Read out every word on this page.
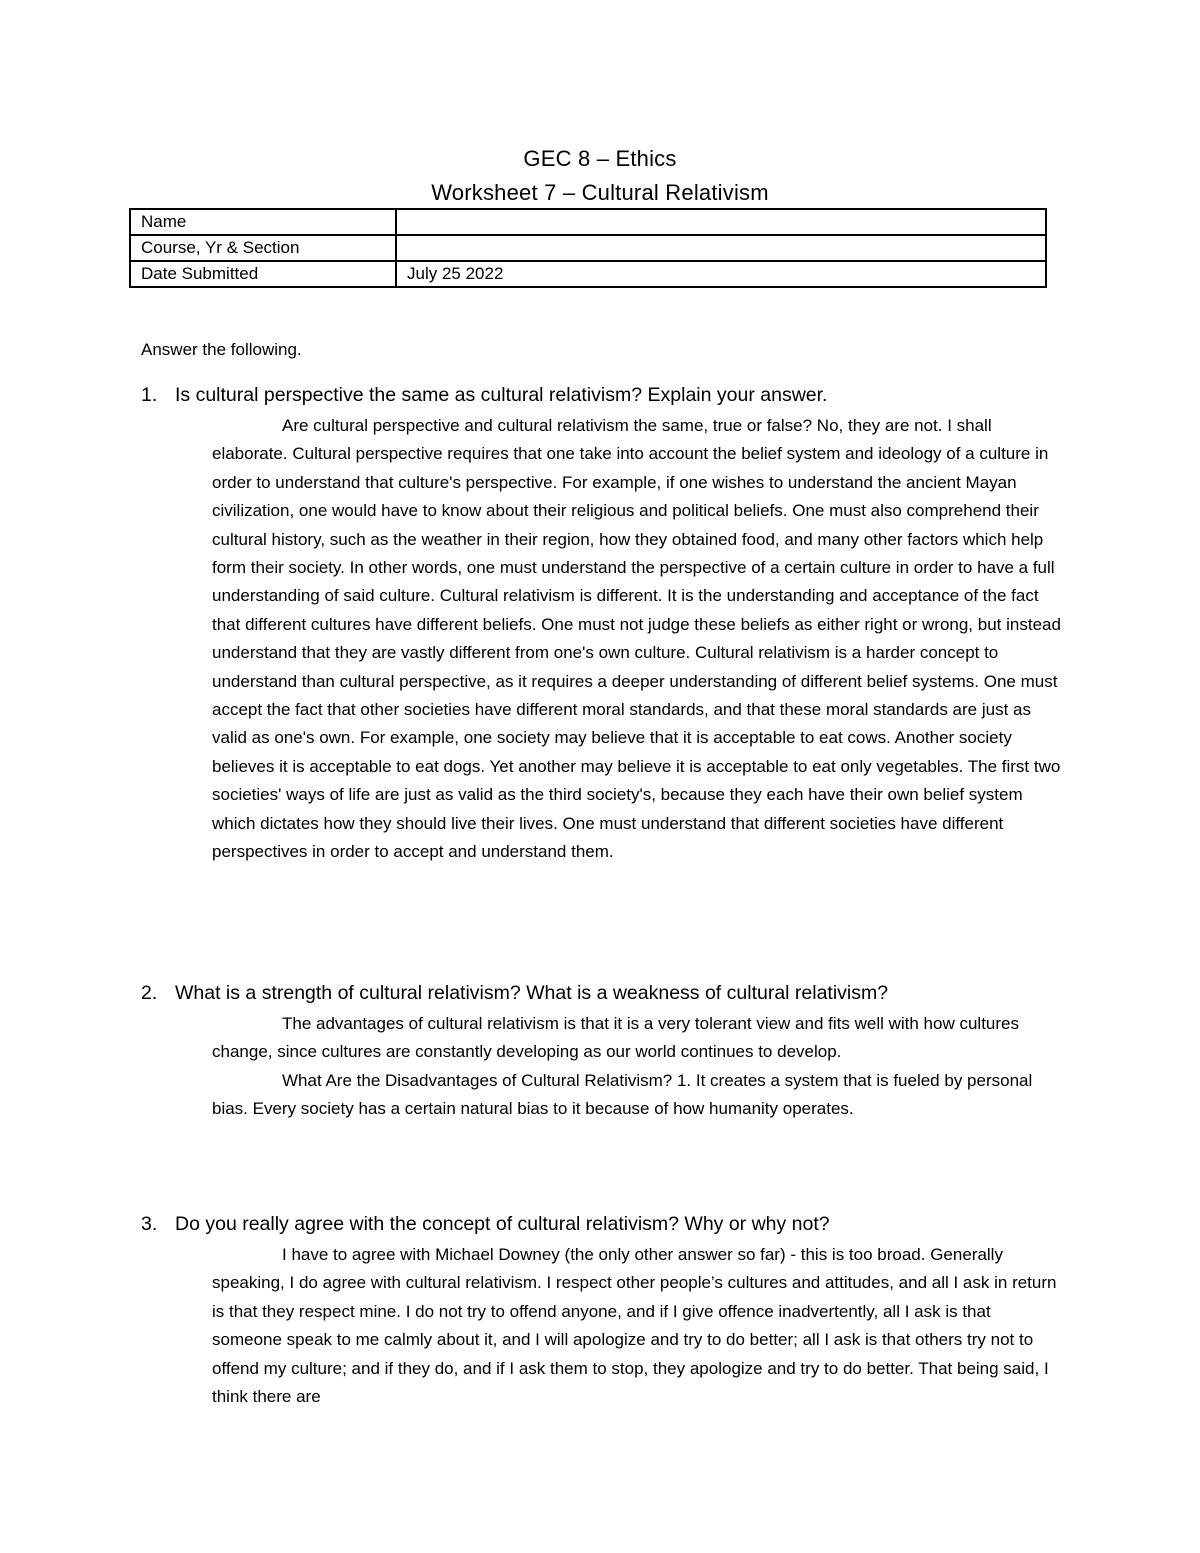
GEC 8 – Ethics
Worksheet 7 – Cultural Relativism
Name	
Course, Yr & Section	
Date Submitted	July 25 2022
Answer the following.
1. Is cultural perspective the same as cultural relativism? Explain your answer.

Are cultural perspective and cultural relativism the same, true or false? No, they are not. I shall elaborate. Cultural perspective requires that one take into account the belief system and ideology of a culture in order to understand that culture's perspective. For example, if one wishes to understand the ancient Mayan civilization, one would have to know about their religious and political beliefs. One must also comprehend their cultural history, such as the weather in their region, how they obtained food, and many other factors which help form their society. In other words, one must understand the perspective of a certain culture in order to have a full understanding of said culture. Cultural relativism is different. It is the understanding and acceptance of the fact that different cultures have different beliefs. One must not judge these beliefs as either right or wrong, but instead understand that they are vastly different from one's own culture. Cultural relativism is a harder concept to understand than cultural perspective, as it requires a deeper understanding of different belief systems. One must accept the fact that other societies have different moral standards, and that these moral standards are just as valid as one's own. For example, one society may believe that it is acceptable to eat cows. Another society believes it is acceptable to eat dogs. Yet another may believe it is acceptable to eat only vegetables. The first two societies' ways of life are just as valid as the third society's, because they each have their own belief system which dictates how they should live their lives. One must understand that different societies have different perspectives in order to accept and understand them.

2. What is a strength of cultural relativism? What is a weakness of cultural relativism?

The advantages of cultural relativism is that it is a very tolerant view and fits well with how cultures change, since cultures are constantly developing as our world continues to develop.

What Are the Disadvantages of Cultural Relativism? 1. It creates a system that is fueled by personal bias. Every society has a certain natural bias to it because of how humanity operates.

3. Do you really agree with the concept of cultural relativism? Why or why not?

I have to agree with Michael Downey (the only other answer so far) - this is too broad. Generally speaking, I do agree with cultural relativism. I respect other people’s cultures and attitudes, and all I ask in return is that they respect mine. I do not try to offend anyone, and if I give offence inadvertently, all I ask is that someone speak to me calmly about it, and I will apologize and try to do better; all I ask is that others try not to offend my culture; and if they do, and if I ask them to stop, they apologize and try to do better. That being said, I think there are
